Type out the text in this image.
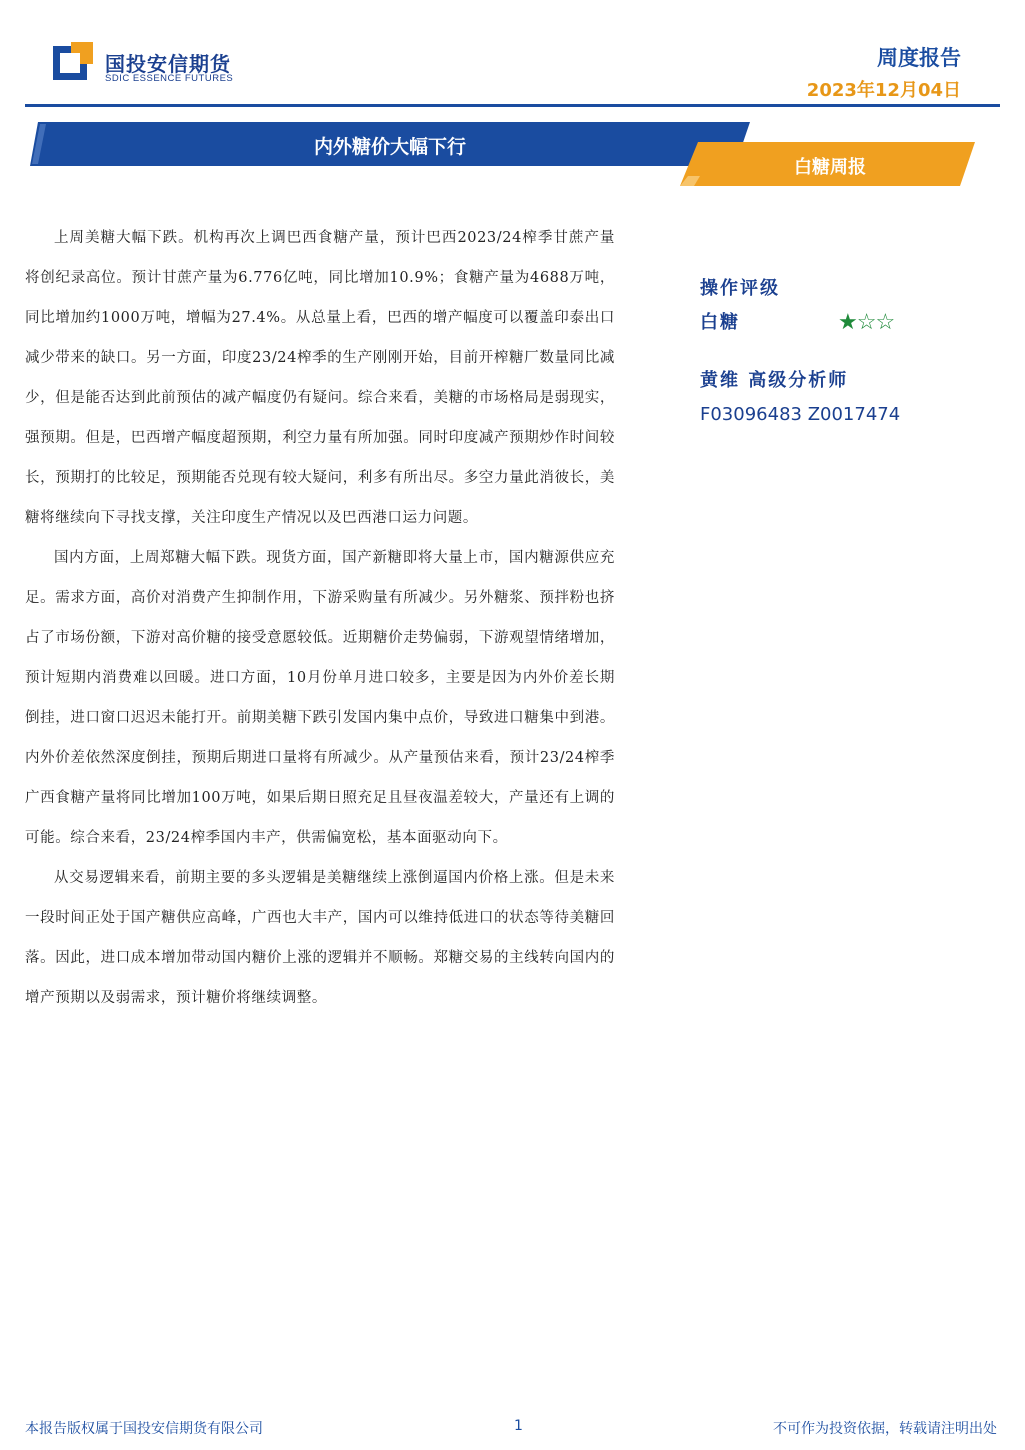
国投安信期货
SDIC ESSENCE FUTURES
周度报告
2023年12月04日
内外糖价大幅下行
白糖周报

上周美糖大幅下跌。机构再次上调巴西食糖产量，预计巴西2023/24榨季甘蔗产量将创纪录高位。预计甘蔗产量为6.776亿吨，同比增加10.9%；食糖产量为4688万吨，同比增加约1000万吨，增幅为27.4%。从总量上看，巴西的增产幅度可以覆盖印泰出口减少带来的缺口。另一方面，印度23/24榨季的生产刚刚开始，目前开榨糖厂数量同比减少，但是能否达到此前预估的减产幅度仍有疑问。综合来看，美糖的市场格局是弱现实，强预期。但是，巴西增产幅度超预期，利空力量有所加强。同时印度减产预期炒作时间较长，预期打的比较足，预期能否兑现有较大疑问，利多有所出尽。多空力量此消彼长，美糖将继续向下寻找支撑，关注印度生产情况以及巴西港口运力问题。

国内方面，上周郑糖大幅下跌。现货方面，国产新糖即将大量上市，国内糖源供应充足。需求方面，高价对消费产生抑制作用，下游采购量有所减少。另外糖浆、预拌粉也挤占了市场份额，下游对高价糖的接受意愿较低。近期糖价走势偏弱，下游观望情绪增加，预计短期内消费难以回暖。进口方面，10月份单月进口较多，主要是因为内外价差长期倒挂，进口窗口迟迟未能打开。前期美糖下跌引发国内集中点价，导致进口糖集中到港。内外价差依然深度倒挂，预期后期进口量将有所减少。从产量预估来看，预计23/24榨季广西食糖产量将同比增加100万吨，如果后期日照充足且昼夜温差较大，产量还有上调的可能。综合来看，23/24榨季国内丰产，供需偏宽松，基本面驱动向下。

从交易逻辑来看，前期主要的多头逻辑是美糖继续上涨倒逼国内价格上涨。但是未来一段时间正处于国产糖供应高峰，广西也大丰产，国内可以维持低进口的状态等待美糖回落。因此，进口成本增加带动国内糖价上涨的逻辑并不顺畅。郑糖交易的主线转向国内的增产预期以及弱需求，预计糖价将继续调整。

操作评级
白糖	★☆☆
黄维 高级分析师
F03096483 Z0017474
本报告版权属于国投安信期货有限公司	1	不可作为投资依据，转载请注明出处
